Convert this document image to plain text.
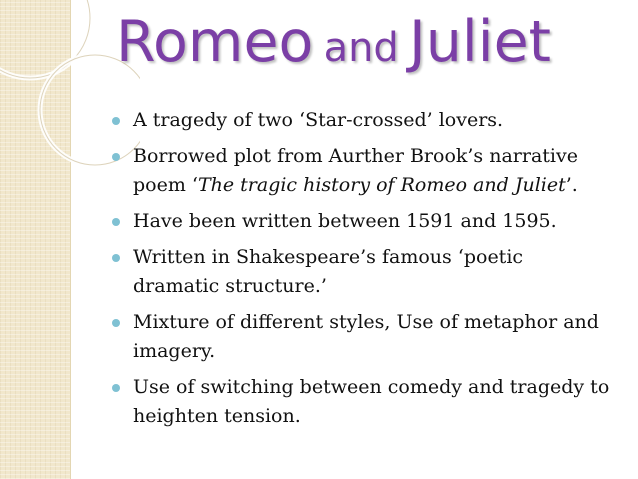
Romeo and Juliet
A tragedy of two ‘Star-crossed’ lovers.
Borrowed plot from Aurther Brook’s narrative poem ‘The tragic history of Romeo and Juliet’.
Have been written between 1591 and 1595.
Written in Shakespeare’s famous ‘poetic dramatic structure.’
Mixture of different styles, Use of metaphor and imagery.
Use of switching between comedy and tragedy to heighten tension.
